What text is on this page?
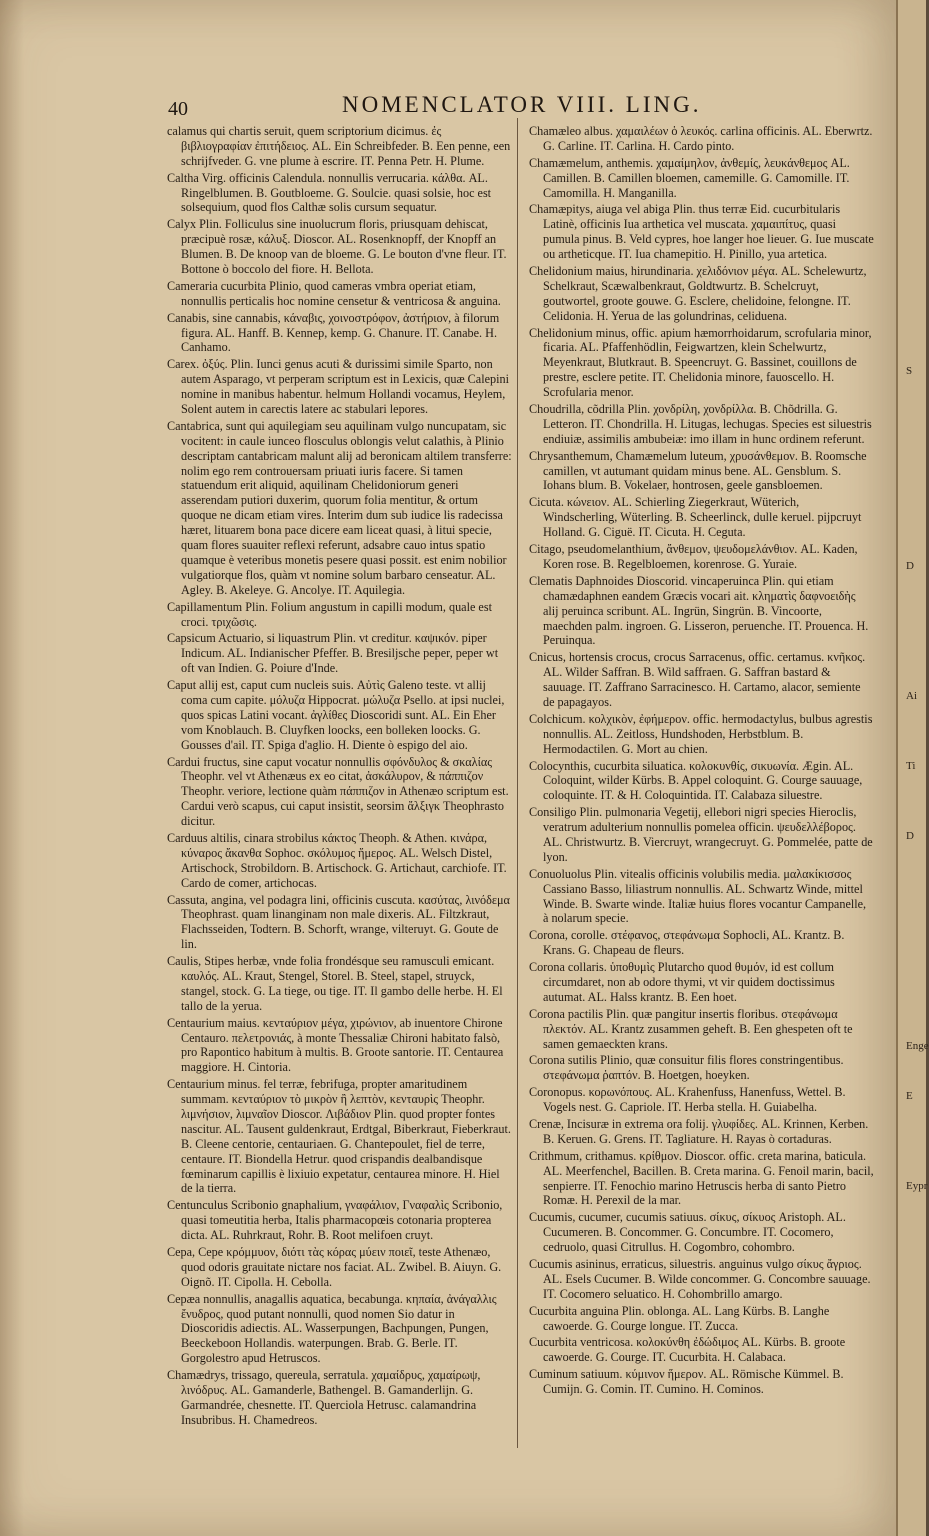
40	NOMENCLATOR VIII. LING.

calamus qui chartis seruit, quem scriptorium dicimus. ἐς βιβλιογραφίαν ἐπιτήδειος. AL. Ein Schreibfeder. B. Een penne, een schrijfveder. G. vne plume à escrire. IT. Penna Petr. H. Plume.

Caltha Virg. officinis Calendula. nonnullis verrucaria. κάλθα. AL. Ringelblumen. B. Goutbloeme. G. Soulcie. quasi solsie, hoc est solsequium, quod flos Calthæ solis cursum sequatur.

Calyx Plin. Folliculus sine inuolucrum floris, priusquam dehiscat, præcipuè rosæ, κάλυξ. Dioscor. AL. Rosenknopff, der Knopff an Blumen. B. De knoop van de bloeme. G. Le bouton d'vne fleur. IT. Bottone ò boccolo del fiore. H. Bellota.

Cameraria cucurbita Plinio, quod cameras vmbra operiat etiam, nonnullis perticalis hoc nomine censetur & ventricosa & anguina.

Canabis, sine cannabis, κάναβις, χοινοστρόφον, ἀστήριον, à filorum figura. AL. Hanff. B. Kennep, kemp. G. Chanure. IT. Canabe. H. Canhamo.

Carex. ὀξύς. Plin. Iunci genus acuti & durissimi simile Sparto, non autem Asparago, vt perperam scriptum est in Lexicis, quæ Calepini nomine in manibus habentur. helmum Hollandi vocamus, Heylem, Solent autem in carectis latere ac stabulari lepores.

Cantabrica, sunt qui aquilegiam seu aquilinam vulgo nuncupatam, sic vocitent: in caule iunceo flosculus oblongis velut calathis, à Plinio descriptam cantabricam malunt alij ad beronicam altilem transferre: nolim ego rem controuersam priuati iuris facere. Si tamen statuendum erit aliquid, aquilinam Chelidoniorum generi asserendam putiori duxerim, quorum folia mentitur, & ortum quoque ne dicam etiam vires. Interim dum sub iudice lis radecissa hæret, lituarem bona pace dicere eam liceat quasi, à litui specie, quam flores suauiter reflexi referunt, adsabre cauo intus spatio quamque è veteribus monetis pesere quasi possit. est enim nobilior vulgatiorque flos, quàm vt nomine solum barbaro censeatur. AL. Agley. B. Akeleye. G. Ancolye. IT. Aquilegia.

Capillamentum Plin. Folium angustum in capilli modum, quale est croci. τριχῶσις.

Capsicum Actuario, si liquastrum Plin. vt creditur. καψικόν. piper Indicum. AL. Indianischer Pfeffer. B. Bresiljsche peper, peper wt oft van Indien. G. Poiure d'Inde.

Caput allij est, caput cum nucleis suis. Αὐτὶς Galeno teste. vt allij coma cum capite. μόλυζα Hippocrat. μώλυζα Psello. at ipsi nuclei, quos spicas Latini vocant. ἀγλίθες Dioscoridi sunt. AL. Ein Eher vom Knoblauch. B. Cluyfken loocks, een bolleken loocks. G. Gousses d'ail. IT. Spiga d'aglio. H. Diente ò espigo del aio.

Cardui fructus, sine caput vocatur nonnullis σφόνδυλος & σκαλίας Theophr. vel vt Athenæus ex eo citat, ἀσκάλυρον, & πάππιζον Theophr. veriore, lectione quàm πάππιζον in Athenæo scriptum est. Cardui verò scapus, cui caput insistit, seorsim ἄλξιγκ Theophrasto dicitur.

Carduus altilis, cinara strobilus κάκτος Theoph. & Athen. κινάρα, κύναρος ἄκανθα Sophoc. σκόλυμος ἥμερος. AL. Welsch Distel, Artischock, Strobildorn. B. Artischock. G. Artichaut, carchiofe. IT. Cardo de comer, artichocas.

Cassuta, angina, vel podagra lini, officinis cuscuta. κασύτας, λινόδεμα Theophrast. quam linanginam non male dixeris. AL. Filtzkraut, Flachsseiden, Todtern. B. Schorft, wrange, vilteruyt. G. Goute de lin.

Caulis, Stipes herbæ, vnde folia frondésque seu ramusculi emicant. καυλός. AL. Kraut, Stengel, Storel. B. Steel, stapel, struyck, stangel, stock. G. La tiege, ou tige. IT. Il gambo delle herbe. H. El tallo de la yerua.

Centaurium maius. κενταύριον μέγα, χιρώνιον, ab inuentore Chirone Centauro. πελετρονιάς, à monte Thessaliæ Chironi habitato falsò, pro Rapontico habitum à multis. B. Groote santorie. IT. Centaurea maggiore. H. Cintoria.

Centaurium minus. fel terræ, febrifuga, propter amaritudinem summam. κενταύριον τὸ μικρὸν ἢ λεπτὸν, κενταυρὶς Theophr. λιμνήσιον, λιμναῖον Dioscor. Λιβάδιον Plin. quod propter fontes nascitur. AL. Tausent guldenkraut, Erdtgal, Biberkraut, Fieberkraut. B. Cleene centorie, centauriaen. G. Chantepoulet, fiel de terre, centaure. IT. Biondella Hetrur. quod crispandis dealbandisque fœminarum capillis è lixiuio expetatur, centaurea minore. H. Hiel de la tierra.

Centunculus Scribonio gnaphalium, γναφάλιον, Γναφαλὶς Scribonio, quasi tomeutitia herba, Italis pharmacopœis cotonaria propterea dicta. AL. Ruhrkraut, Rohr. B. Root melifoen cruyt.

Cepa, Cepe κρόμμυον, διότι τὰς κόρας μύειν ποιεῖ, teste Athenæo, quod odoris grauitate nictare nos faciat. AL. Zwibel. B. Aiuyn. G. Oignõ. IT. Cipolla. H. Cebolla.

Cepæa nonnullis, anagallis aquatica, becabunga. κηπαία, ἀνάγαλλις ἔνυδρος, quod putant nonnulli, quod nomen Sio datur in Dioscoridis adiectis. AL. Wasserpungen, Bachpungen, Pungen, Beeckeboon Hollandis. waterpungen. Brab. G. Berle. IT. Gorgolestro apud Hetruscos.

Chamædrys, trissago, quereula, serratula. χαμαίδρυς, χαμαίρωψ, λινόδρυς. AL. Gamanderle, Bathengel. B. Gamanderlijn. G. Garmandrée, chesnette. IT. Querciola Hetrusc. calamandrina Insubribus. H. Chamedreos.

Chamæleo albus. χαμαιλέων ὁ λευκός. carlina officinis. AL. Eberwrtz. G. Carline. IT. Carlina. H. Cardo pinto.

Chamæmelum, anthemis. χαμαίμηλον, ἀνθεμίς, λευκάνθεμος AL. Camillen. B. Camillen bloemen, camemille. G. Camomille. IT. Camomilla. H. Manganilla.

Chamæpitys, aiuga vel abiga Plin. thus terræ Eid. cucurbitularis Latinè, officinis Iua arthetica vel muscata. χαμαιπίτυς, quasi pumula pinus. B. Veld cypres, hoe langer hoe lieuer. G. Iue muscate ou artheticque. IT. Iua chamepitio. H. Pinillo, yua artetica.

Chelidonium maius, hirundinaria. χελιδόνιον μέγα. AL. Schelewurtz, Schelkraut, Scæwalbenkraut, Goldtwurtz. B. Schelcruyt, goutwortel, groote gouwe. G. Esclere, chelidoine, felongne. IT. Celidonia. H. Yerua de las golundrinas, celiduena.

Chelidonium minus, offic. apium hæmorrhoidarum, scrofularia minor, ficaria. AL. Pfaffenhödlin, Feigwartzen, klein Schelwurtz, Meyenkraut, Blutkraut. B. Speencruyt. G. Bassinet, couillons de prestre, esclere petite. IT. Chelidonia minore, fauoscello. H. Scrofularia menor.

Choudrilla, cõdrilla Plin. χονδρίλη, χονδρίλλα. B. Chõdrilla. G. Letteron. IT. Chondrilla. H. Litugas, lechugas. Species est siluestris endiuiæ, assimilis ambubeiæ: imo illam in hunc ordinem referunt.

Chrysanthemum, Chamæmelum luteum, χρυσάνθεμον. B. Roomsche camillen, vt autumant quidam minus bene. AL. Gensblum. S. Iohans blum. B. Vokelaer, hontrosen, geele gansbloemen.

Cicuta. κώνειον. AL. Schierling Ziegerkraut, Wüterich, Windscherling, Wüterling. B. Scheerlinck, dulle keruel. pijpcruyt Holland. G. Ciguë. IT. Cicuta. H. Ceguta.

Citago, pseudomelanthium, ἄνθεμον, ψευδομελάνθιον. AL. Kaden, Koren rose. B. Regelbloemen, korenrose. G. Yuraie.

Clematis Daphnoides Dioscorid. vincaperuinca Plin. qui etiam chamædaphnen eandem Græcis vocari ait. κληματὶς δαφνοειδὴς alij peruinca scribunt. AL. Ingrün, Singrün. B. Vincoorte, maechden palm. ingroen. G. Lisseron, peruenche. IT. Prouenca. H. Peruinqua.

Cnicus, hortensis crocus, crocus Sarracenus, offic. certamus. κνῆκος. AL. Wilder Saffran. B. Wild saffraen. G. Saffran bastard & sauuage. IT. Zaffrano Sarracinesco. H. Cartamo, alacor, semiente de papagayos.

Colchicum. κολχικὸν, ἐφήμερον. offic. hermodactylus, bulbus agrestis nonnullis. AL. Zeitloss, Hundshoden, Herbstblum. B. Hermodactilen. G. Mort au chien.

Colocynthis, cucurbita siluatica. κολοκυνθίς, σικυωνία. Ægin. AL. Coloquint, wilder Kürbs. B. Appel coloquint. G. Courge sauuage, coloquinte. IT. & H. Coloquintida. IT. Calabaza siluestre.

Consiligo Plin. pulmonaria Vegetij, ellebori nigri species Hieroclis, veratrum adulterium nonnullis pomelea officin. ψευδελλέβορος. AL. Christwurtz. B. Viercruyt, wrangecruyt. G. Pommelée, patte de lyon.

Conuoluolus Plin. vitealis officinis volubilis media. μαλακίκισσος Cassiano Basso, liliastrum nonnullis. AL. Schwartz Winde, mittel Winde. B. Swarte winde. Italiæ huius flores vocantur Campanelle, à nolarum specie.

Corona, corolle. στέφανος, στεφάνωμα Sophocli, AL. Krantz. B. Krans. G. Chapeau de fleurs.

Corona collaris. ὑποθυμὶς Plutarcho quod θυμόν, id est collum circumdaret, non ab odore thymi, vt vir quidem doctissimus autumat. AL. Halss krantz. B. Een hoet.

Corona pactilis Plin. quæ pangitur insertis floribus. στεφάνωμα πλεκτόν. AL. Krantz zusammen geheft. B. Een ghespeten oft te samen gemaeckten krans.

Corona sutilis Plinio, quæ consuitur filis flores constringentibus. στεφάνωμα ῥαπτόν. B. Hoetgen, hoeyken.

Coronopus. κορωνόπους. AL. Krahenfuss, Hanenfuss, Wettel. B. Vogels nest. G. Capriole. IT. Herba stella. H. Guiabelha.

Crenæ, Incisuræ in extrema ora folij. γλυφίδες. AL. Krinnen, Kerben. B. Keruen. G. Grens. IT. Tagliature. H. Rayas ò cortaduras.

Crithmum, crithamus. κρίθμον. Dioscor. offic. creta marina, baticula. AL. Meerfenchel, Bacillen. B. Creta marina. G. Fenoil marin, bacil, senpierre. IT. Fenochio marino Hetruscis herba di santo Pietro Romæ. H. Perexil de la mar.

Cucumis, cucumer, cucumis satiuus. σίκυς, σίκυος Aristoph. AL. Cucumeren. B. Concommer. G. Concumbre. IT. Cocomero, cedruolo, quasi Citrullus. H. Cogombro, cohombro.

Cucumis asininus, erraticus, siluestris. anguinus vulgo σίκυς ἄγριος. AL. Esels Cucumer. B. Wilde concommer. G. Concombre sauuage. IT. Cocomero seluatico. H. Cohombrillo amargo.

Cucurbita anguina Plin. oblonga. AL. Lang Kürbs. B. Langhe cawoerde. G. Courge longue. IT. Zucca.

Cucurbita ventricosa. κολοκύνθη ἐδώδιμος AL. Kürbs. B. groote cawoerde. G. Courge. IT. Cucurbita. H. Calabaca.

Cuminum satiuum. κύμινον ἥμερον. AL. Römische Kümmel. B. Cumijn. G. Comin. IT. Cumino. H. Cominos.

S
D
Ai
Ti
D
Enge
E
Eypr
